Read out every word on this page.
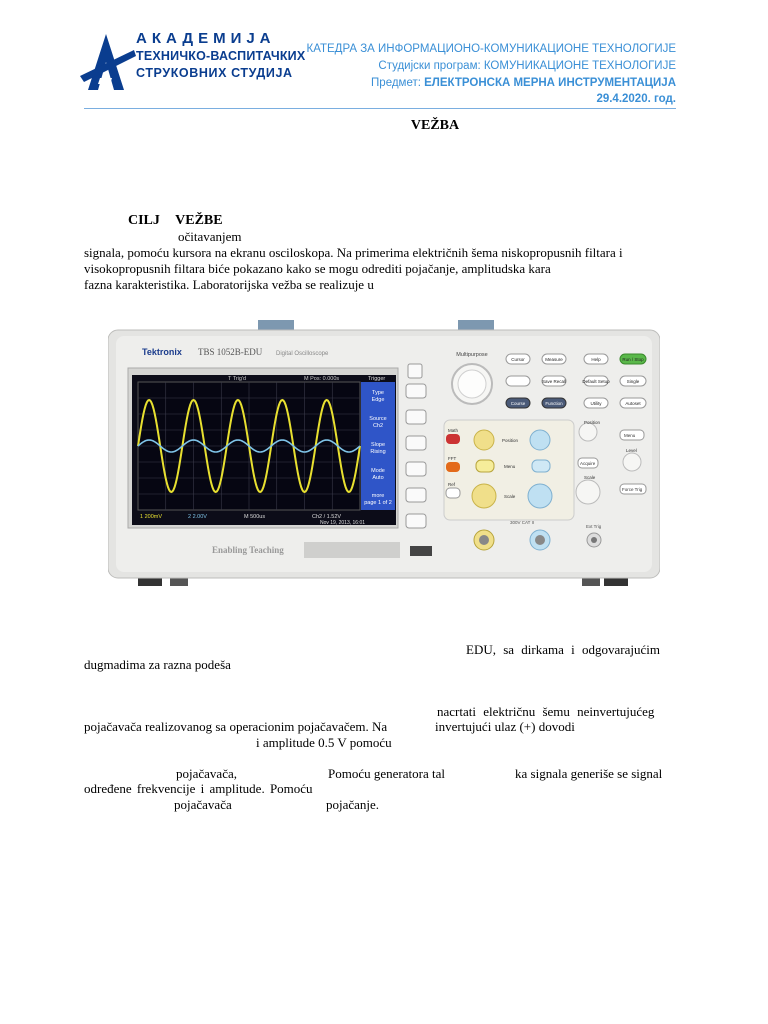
АКАДЕМИЈА
ТЕХНИЧКО-ВАСПИТАЧКИХ
СТРУКОВНИХ СТУДИЈА
КАТЕДРА ЗА ИНФОРМАЦИОНО-КОМУНИКАЦИОНЕ ТЕХНОЛОГИЈЕ
Студијски програм: КОМУНИКАЦИОНЕ ТЕХНОЛОГИЈЕ
Предмет: ЕЛЕКТРОНСКА МЕРНА ИНСТРУМЕНТАЦИЈА
29.4.2020. год.
VEŽBA
CILJ VEŽBE
očitavanjem
signala, pomoću kursora na ekranu osciloskopa. Na primerima električnih šema niskopropusnih filtara i
visokopropusnih filtara biće pokazano kako se mogu odrediti pojačanje, amplitudska kara
fazna karakteristika. Laboratorijska vežba se realizuje u
Tektronix TBS 1052B-EDU Digital Oscilloscope
T Trig'd	M Pos: 0.000s
1 200mV	2 2.00V	M 500us	Ch2 / 1.52V
Nov 19, 2013, 16:01
Trigger
Type
Edge
Source
Ch2
Slope
Rising
Mode
Auto
more
page 1 of 2
Enabling Teaching
Multipurpose
Cursor	Measure	Help	Run / Stop
Save Recall	Default Setup	Single
Course	Function	Utility	Autoset
Math
FFT
Ref
Position
Menu
Scale
Position
Acquire
Scale
Menu
Level
Force Trig
300V CAT II
Ext Trig
EDU, sa dirkama i odgovarajućim
dugmadima za razna podeša
nacrtati električnu šemu neinvertujućeg
pojačavača realizovanog sa operacionim pojačavačem. Na	invertujući ulaz (+) dovodi
i amplitude 0.5 V pomoću
pojačavača,	Pomoću generatora tal	ka signala generiše se signal
određene frekvencije i amplitude. Pomoću
pojačavača	pojačanje.
